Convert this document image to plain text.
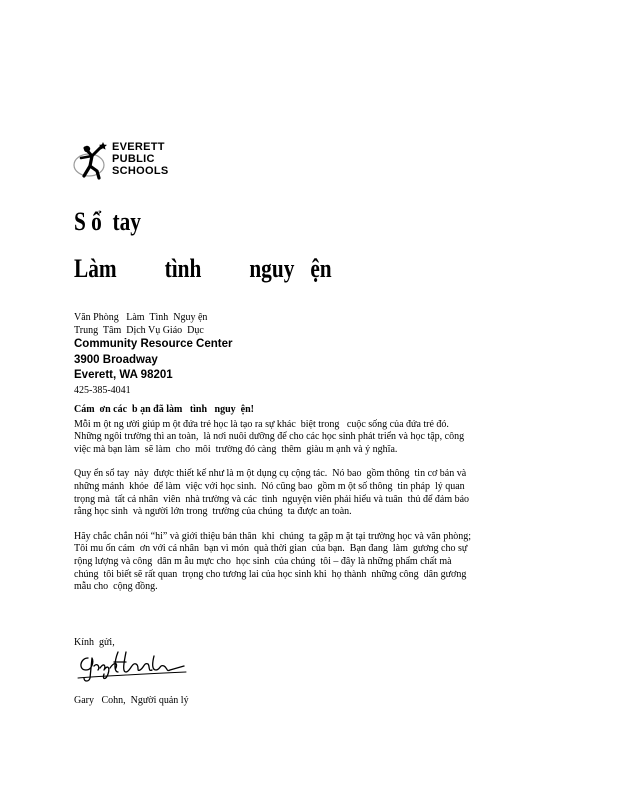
EVERETT
PUBLIC
SCHOOLS
S ổ  tay
Làm         tình         nguy   ện
Văn Phòng   Làm  Tình  Nguy ện
Trung  Tâm  Dịch Vụ Giáo  Dục
Community Resource Center
3900 Broadway
Everett, WA 98201
425-385-4041
Cám  ơn các  b ạn đã làm   tình   nguy  ện!
Mỗi m ột ng ười giúp m ột đứa trẻ học là tạo ra sự khác  biệt trong   cuộc sống của đứa trẻ đó.
Những ngôi trường thì an toàn,  là nơi nuôi dưỡng để cho các học sinh phát triển và học tập, công
việc mà bạn làm  sẽ làm  cho  môi  trường đó càng  thêm  giàu m ạnh và ý nghĩa.
Quy ển sổ tay  này  được thiết kế như là m ột dụng cụ cộng tác.  Nó bao  gồm thông  tin cơ bản và
những mánh  khóe  để làm  việc với học sinh.  Nó cũng bao  gồm m ột số thông  tin pháp  lý quan
trọng mà  tất cả nhân  viên  nhà trường và các  tình  nguyện viên phải hiểu và tuân  thủ để đảm bảo
rằng học sinh  và người lớn trong  trường của chúng  ta được an toàn.
Hãy chắc chắn nói “hi” và giới thiệu bản thân  khi  chúng  ta gặp m ặt tại trường học và văn phòng;
Tôi mu ốn cám  ơn với cá nhân  bạn vì món  quà thời gian  của bạn.  Bạn đang  làm  gương cho sự
rộng lượng và công  dân m ẫu mực cho  học sinh  của chúng  tôi – đây là những phẩm chất mà
chúng  tôi biết sẽ rất quan  trọng cho tương lai của học sinh khi  họ thành  những công  dân gương
mẫu cho  cộng đồng.
Kính  gửi,
Gary   Cohn,  Người quản lý
